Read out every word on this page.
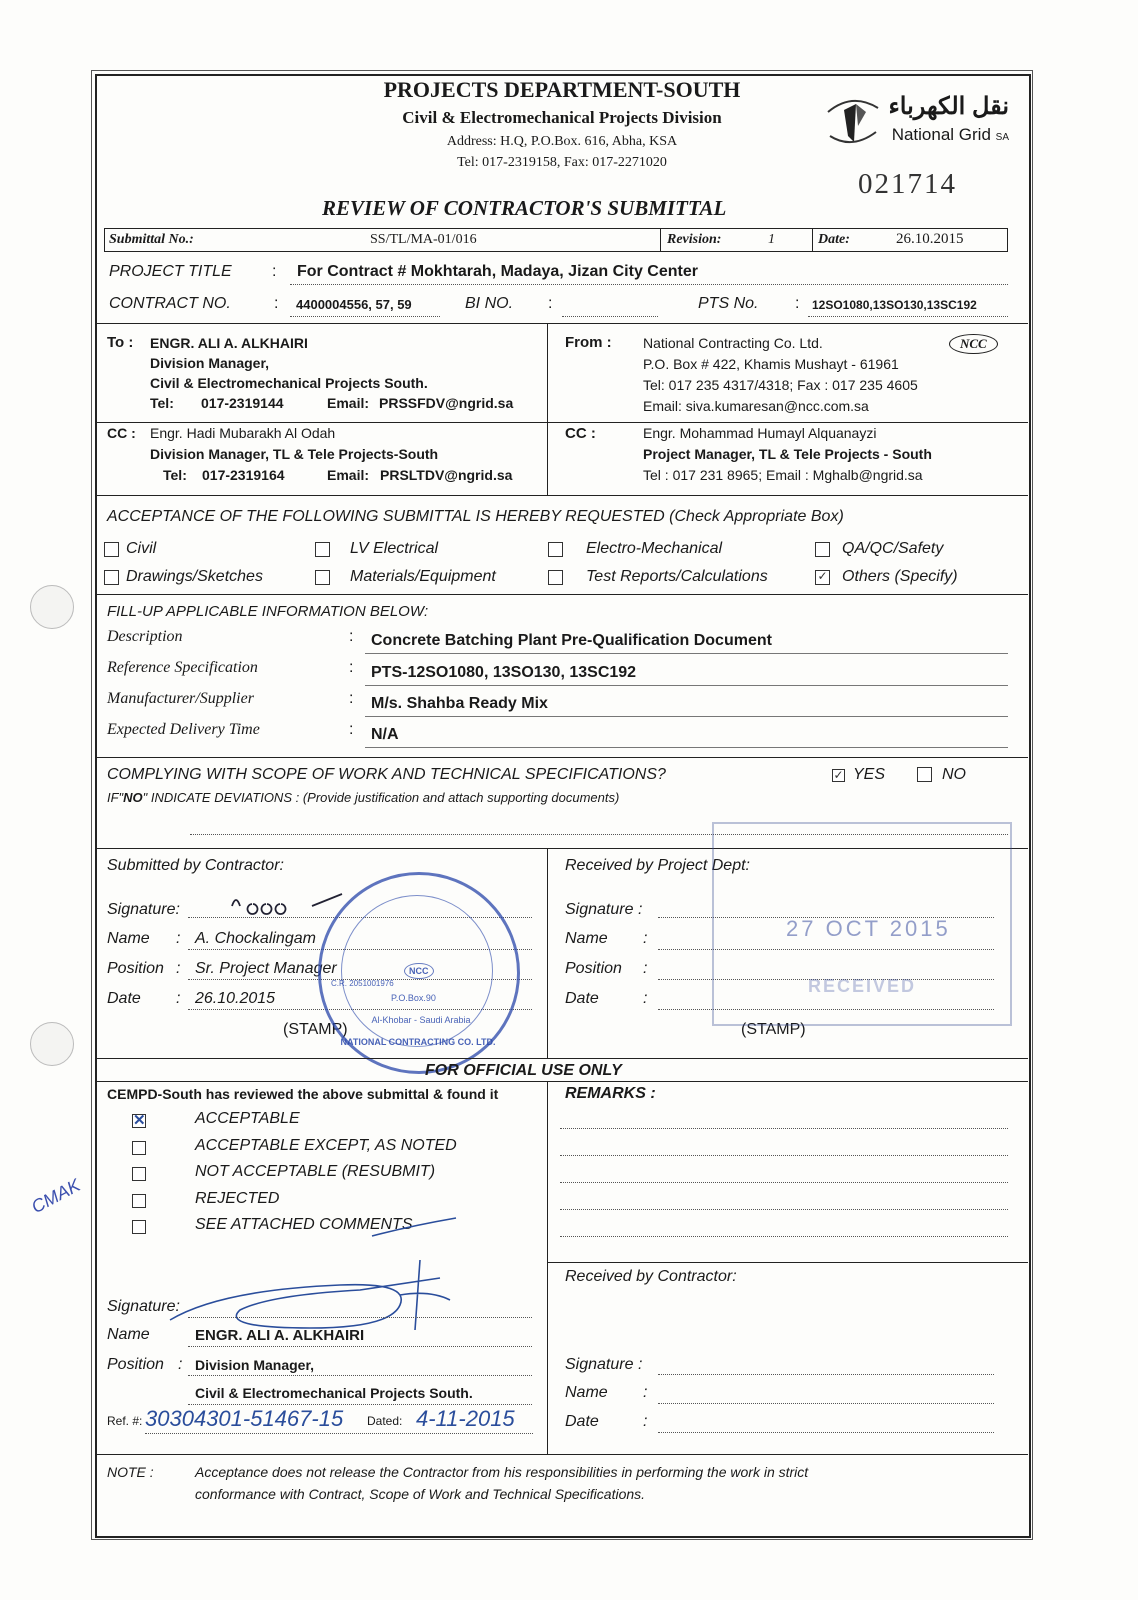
PROJECTS DEPARTMENT-SOUTH
Civil & Electromechanical Projects Division
Address: H.Q, P.O.Box. 616, Abha, KSA
Tel: 017-2319158, Fax: 017-2271020
نقل الكهرباء
National Grid SA
021714
REVIEW OF CONTRACTOR'S SUBMITTAL
Submittal No.:	SS/TL/MA-01/016	Revision:	1	Date:	26.10.2015
PROJECT TITLE	: For Contract # Mokhtarah, Madaya, Jizan City Center
CONTRACT NO.	: 4400004556, 57, 59	BI NO. :	PTS No. : 12SO1080,13SO130,13SC192
To : ENGR. ALI A. ALKHAIRI
Division Manager,
Civil & Electromechanical Projects South.
Tel: 017-2319144	Email: PRSSFDV@ngrid.sa
CC : Engr. Hadi Mubarakh Al Odah
Division Manager, TL & Tele Projects-South
Tel: 017-2319164	Email: PRSLTDV@ngrid.sa
From : National Contracting Co. Ltd.	NCC
P.O. Box # 422, Khamis Mushayt - 61961
Tel: 017 235 4317/4318; Fax : 017 235 4605
Email: siva.kumaresan@ncc.com.sa
CC :	Engr. Mohammad Humayl Alquanayzi
Project Manager, TL & Tele Projects - South
Tel : 017 231 8965; Email : Mghalb@ngrid.sa
ACCEPTANCE OF THE FOLLOWING SUBMITTAL IS HEREBY REQUESTED (Check Appropriate Box)
Civil	LV Electrical	Electro-Mechanical	QA/QC/Safety
Drawings/Sketches	Materials/Equipment	Test Reports/Calculations	✓ Others (Specify)
FILL-UP APPLICABLE INFORMATION BELOW:
Description	: Concrete Batching Plant Pre-Qualification Document
Reference Specification	: PTS-12SO1080, 13SO130, 13SC192
Manufacturer/Supplier	: M/s. Shahba Ready Mix
Expected Delivery Time	: N/A
COMPLYING WITH SCOPE OF WORK AND TECHNICAL SPECIFICATIONS?	✓ YES	NO
IF"NO" INDICATE DEVIATIONS : (Provide justification and attach supporting documents)
Submitted by Contractor:
Signature:
Name : A. Chockalingam
Position : Sr. Project Manager
Date : 26.10.2015
(STAMP)
NATIONAL CONTRACTING CO. LTD.
Al-Khobar - Saudi Arabia
P.O.Box.90
C.R. 2051001976
NCC
Received by Project Dept:
Signature :
Name :
Position :
Date	:
(STAMP)
27 OCT 2015
RECEIVED
FOR OFFICIAL USE ONLY
CEMPD-South has reviewed the above submittal & found it	REMARKS :
✕	ACCEPTABLE
ACCEPTABLE EXCEPT, AS NOTED
NOT ACCEPTABLE (RESUBMIT)
REJECTED
SEE ATTACHED COMMENTS
Signature:
Name	ENGR. ALI A. ALKHAIRI
Position : Division Manager,
Civil & Electromechanical Projects South.
Ref. #: 30304301-51467-15 Dated: 4-11-2015
CMAK
Received by Contractor:
Signature :
Name :
Date	:
NOTE :	Acceptance does not release the Contractor from his responsibilities in performing the work in strict
conformance with Contract, Scope of Work and Technical Specifications.
